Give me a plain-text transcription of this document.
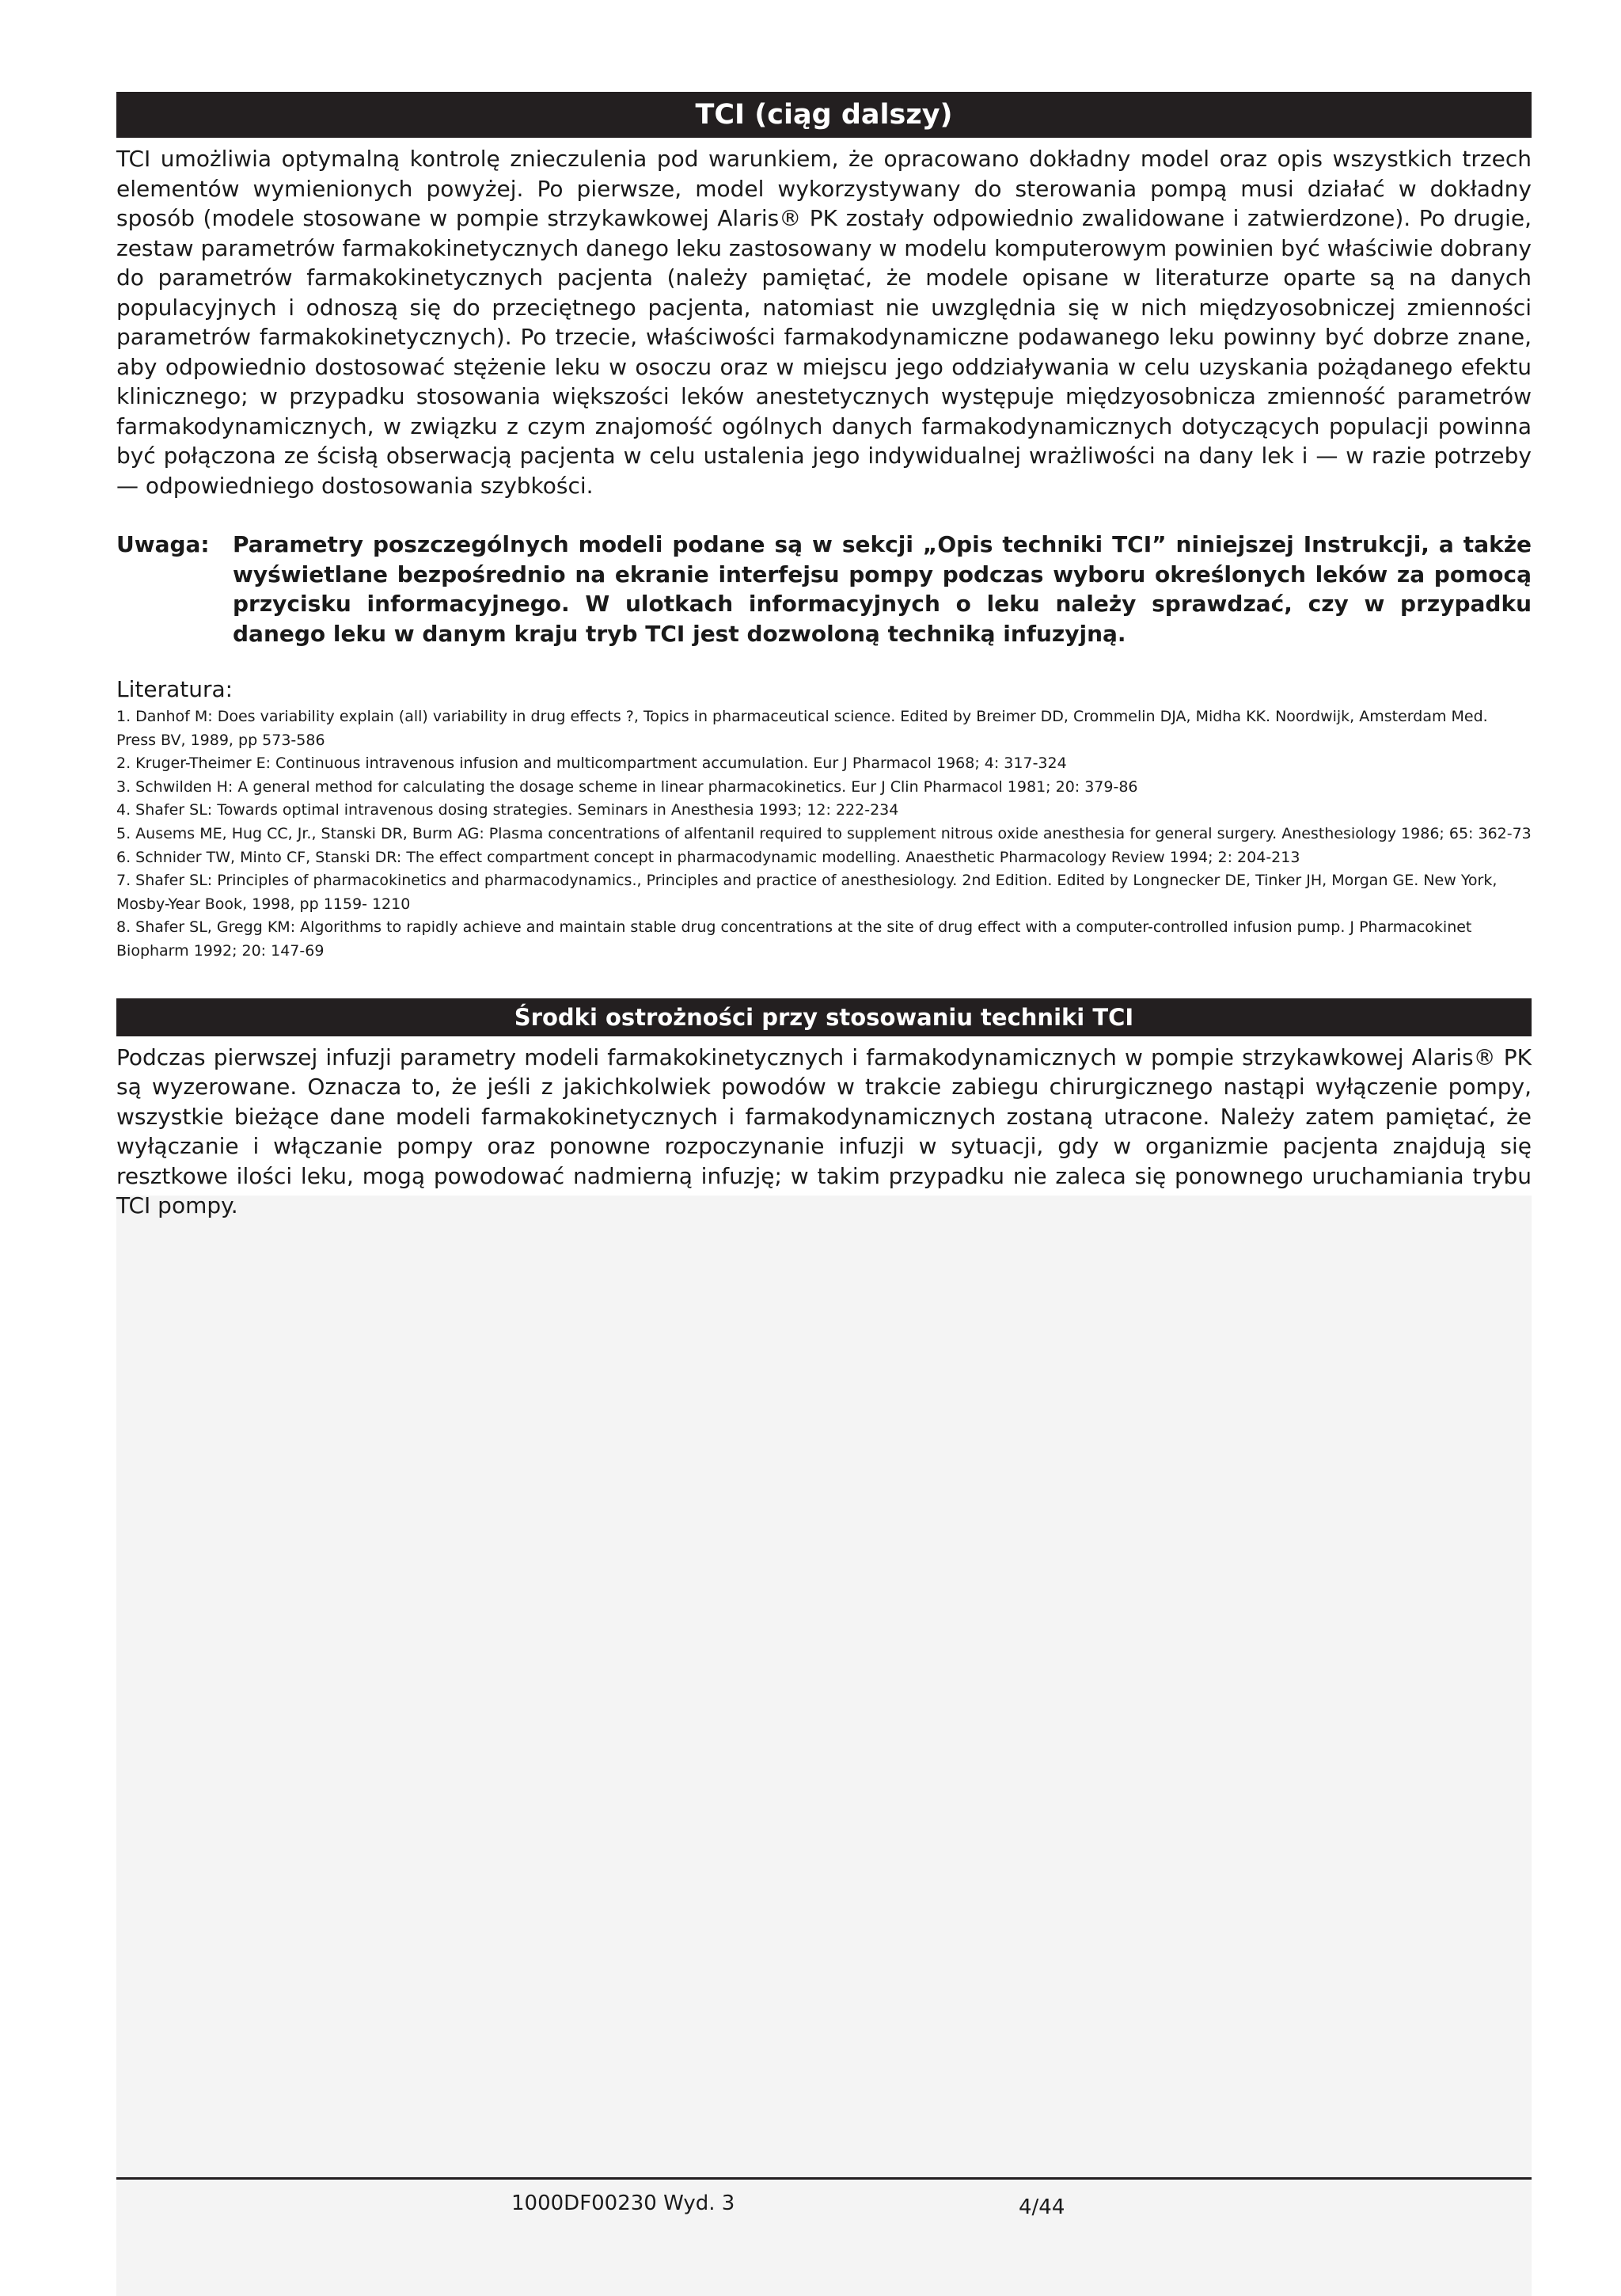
TCI (ciąg dalszy)

TCI umożliwia optymalną kontrolę znieczulenia pod warunkiem, że opracowano dokładny model oraz opis wszystkich trzech elementów wymienionych powyżej. Po pierwsze, model wykorzystywany do sterowania pompą musi działać w dokładny sposób (modele stosowane w pompie strzykawkowej Alaris® PK zostały odpowiednio zwalidowane i zatwierdzone). Po drugie, zestaw parametrów farmakokinetycznych danego leku zastosowany w modelu komputerowym powinien być właściwie dobrany do parametrów farmakokinetycznych pacjenta (należy pamiętać, że modele opisane w literaturze oparte są na danych populacyjnych i odnoszą się do przeciętnego pacjenta, natomiast nie uwzględnia się w nich międzyosobniczej zmienności parametrów farmakokinetycznych). Po trzecie, właściwości farmakodynamiczne podawanego leku powinny być dobrze znane, aby odpowiednio dostosować stężenie leku w osoczu oraz w miejscu jego oddziaływania w celu uzyskania pożądanego efektu klinicznego; w przypadku stosowania większości leków anestetycznych występuje międzyosobnicza zmienność parametrów farmakodynamicznych, w związku z czym znajomość ogólnych danych farmakodynamicznych dotyczących populacji powinna być połączona ze ścisłą obserwacją pacjenta w celu ustalenia jego indywidualnej wrażliwości na dany lek i — w razie potrzeby — odpowiedniego dostosowania szybkości.

Uwaga:	Parametry poszczególnych modeli podane są w sekcji „Opis techniki TCI” niniejszej Instrukcji, a także wyświetlane bezpośrednio na ekranie interfejsu pompy podczas wyboru określonych leków za pomocą przycisku informacyjnego. W ulotkach informacyjnych o leku należy sprawdzać, czy w przypadku danego leku w danym kraju tryb TCI jest dozwoloną techniką infuzyjną.
Literatura:
1. Danhof M: Does variability explain (all) variability in drug effects ?, Topics in pharmaceutical science. Edited by Breimer DD, Crommelin DJA, Midha KK. Noordwijk, Amsterdam Med. Press BV, 1989, pp 573-586
2. Kruger-Theimer E: Continuous intravenous infusion and multicompartment accumulation. Eur J Pharmacol 1968; 4: 317-324
3. Schwilden H: A general method for calculating the dosage scheme in linear pharmacokinetics. Eur J Clin Pharmacol 1981; 20: 379-86
4. Shafer SL: Towards optimal intravenous dosing strategies. Seminars in Anesthesia 1993; 12: 222-234
5. Ausems ME, Hug CC, Jr., Stanski DR, Burm AG: Plasma concentrations of alfentanil required to supplement nitrous oxide anesthesia for general surgery. Anesthesiology 1986; 65: 362-73
6. Schnider TW, Minto CF, Stanski DR: The effect compartment concept in pharmacodynamic modelling. Anaesthetic Pharmacology Review 1994; 2: 204-213
7. Shafer SL: Principles of pharmacokinetics and pharmacodynamics., Principles and practice of anesthesiology. 2nd Edition. Edited by Longnecker DE, Tinker JH, Morgan GE. New York, Mosby-Year Book, 1998, pp 1159- 1210
8. Shafer SL, Gregg KM: Algorithms to rapidly achieve and maintain stable drug concentrations at the site of drug effect with a computer-controlled infusion pump. J Pharmacokinet Biopharm 1992; 20: 147-69
Środki ostrożności przy stosowaniu techniki TCI

Podczas pierwszej infuzji parametry modeli farmakokinetycznych i farmakodynamicznych w pompie strzykawkowej Alaris® PK są wyzerowane. Oznacza to, że jeśli z jakichkolwiek powodów w trakcie zabiegu chirurgicznego nastąpi wyłączenie pompy, wszystkie bieżące dane modeli farmakokinetycznych i farmakodynamicznych zostaną utracone. Należy zatem pamiętać, że wyłączanie i włączanie pompy oraz ponowne rozpoczynanie infuzji w sytuacji, gdy w organizmie pacjenta znajdują się resztkowe ilości leku, mogą powodować nadmierną infuzję; w takim przypadku nie zaleca się ponownego uruchamiania trybu TCI pompy.

1000DF00230 Wyd. 3	4/44
